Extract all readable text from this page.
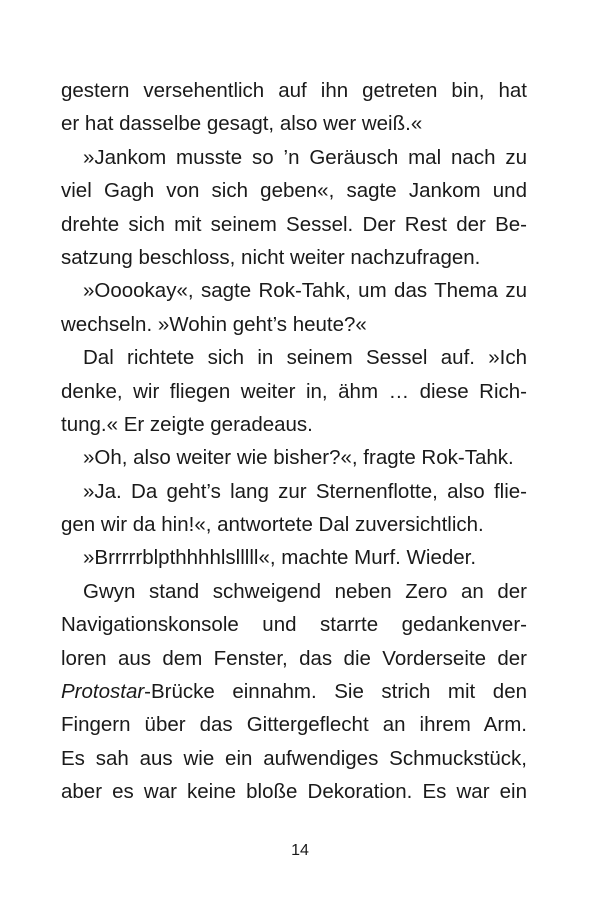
gestern versehentlich auf ihn getreten bin, hat
er hat dasselbe gesagt, also wer weiß.«
»Jankom musste so ’n Geräusch mal nach zu
viel Gagh von sich geben«, sagte Jankom und
drehte sich mit seinem Sessel. Der Rest der Be-
satzung beschloss, nicht weiter nachzufragen.
»Ooookay«, sagte Rok-Tahk, um das Thema zu
wechseln. »Wohin geht’s heute?«
Dal richtete sich in seinem Sessel auf. »Ich
denke, wir fliegen weiter in, ähm … diese Rich-
tung.« Er zeigte geradeaus.
»Oh, also weiter wie bisher?«, fragte Rok-Tahk.
»Ja. Da geht’s lang zur Sternenflotte, also flie-
gen wir da hin!«, antwortete Dal zuversichtlich.
»Brrrrrblpthhhhlslllll«, machte Murf. Wieder.
Gwyn stand schweigend neben Zero an der
Navigationskonsole und starrte gedankenver-
loren aus dem Fenster, das die Vorderseite der
Protostar-Brücke einnahm. Sie strich mit den
Fingern über das Gittergeflecht an ihrem Arm.
Es sah aus wie ein aufwendiges Schmuckstück,
aber es war keine bloße Dekoration. Es war ein
14
